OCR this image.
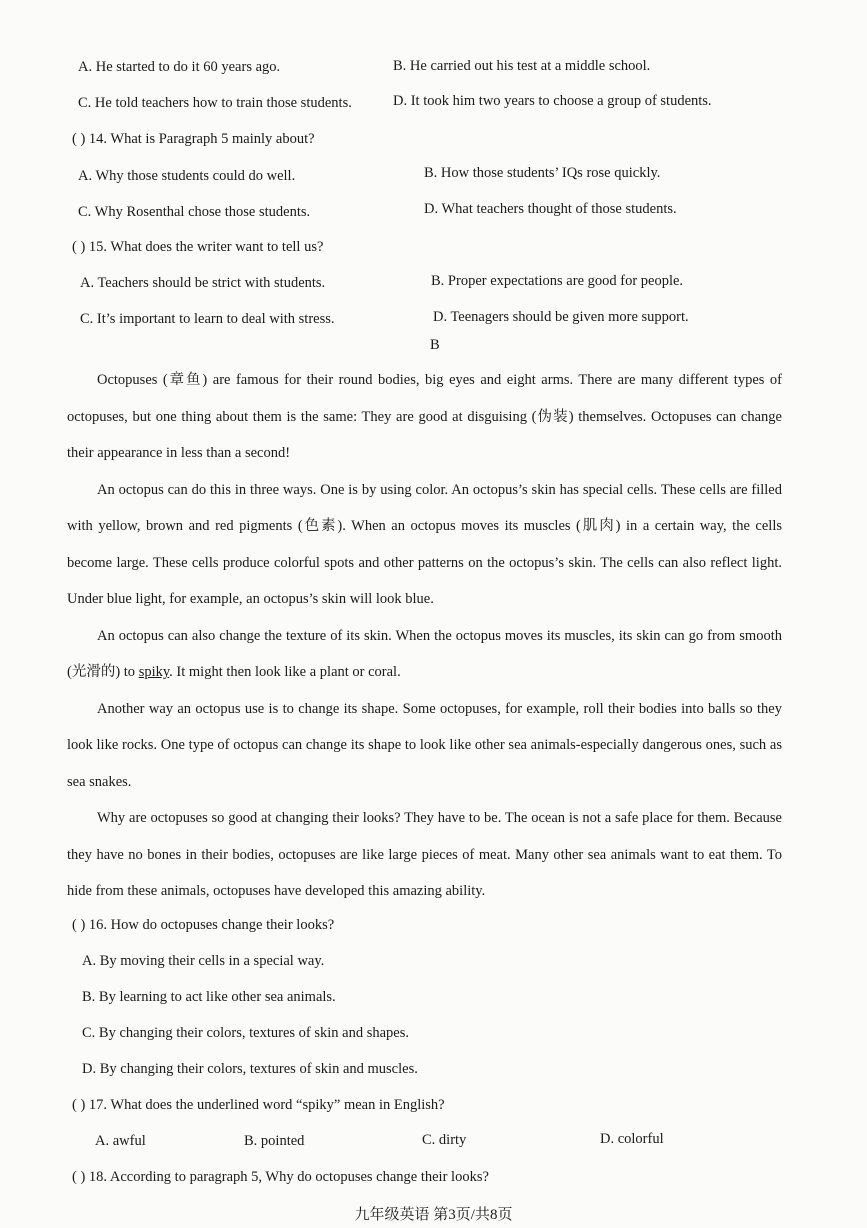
A. He started to do it 60 years ago.	B. He carried out his test at a middle school.
C. He told teachers how to train those students.	D. It took him two years to choose a group of students.
( ) 14. What is Paragraph 5 mainly about?
A. Why those students could do well.	B. How those students’ IQs rose quickly.
C. Why Rosenthal chose those students.	D. What teachers thought of those students.
( ) 15. What does the writer want to tell us?
A. Teachers should be strict with students.	B. Proper expectations are good for people.
C. It’s important to learn to deal with stress.	D. Teenagers should be given more support.
B

Octopuses (章鱼) are famous for their round bodies, big eyes and eight arms. There are many different types of octopuses, but one thing about them is the same: They are good at disguising (伪装) themselves. Octopuses can change their appearance in less than a second!

An octopus can do this in three ways. One is by using color. An octopus’s skin has special cells. These cells are filled with yellow, brown and red pigments (色素). When an octopus moves its muscles (肌肉) in a certain way, the cells become large. These cells produce colorful spots and other patterns on the octopus’s skin. The cells can also reflect light. Under blue light, for example, an octopus’s skin will look blue.

An octopus can also change the texture of its skin. When the octopus moves its muscles, its skin can go from smooth (光滑的) to spiky. It might then look like a plant or coral.

Another way an octopus use is to change its shape. Some octopuses, for example, roll their bodies into balls so they look like rocks. One type of octopus can change its shape to look like other sea animals-especially dangerous ones, such as sea snakes.

Why are octopuses so good at changing their looks? They have to be. The ocean is not a safe place for them. Because they have no bones in their bodies, octopuses are like large pieces of meat. Many other sea animals want to eat them. To hide from these animals, octopuses have developed this amazing ability.

( ) 16. How do octopuses change their looks?
A. By moving their cells in a special way.
B. By learning to act like other sea animals.
C. By changing their colors, textures of skin and shapes.
D. By changing their colors, textures of skin and muscles.
( ) 17. What does the underlined word “spiky” mean in English?
A. awful	B. pointed	C. dirty	D. colorful
( ) 18. According to paragraph 5, Why do octopuses change their looks?
九年级英语 第3页/共8页
